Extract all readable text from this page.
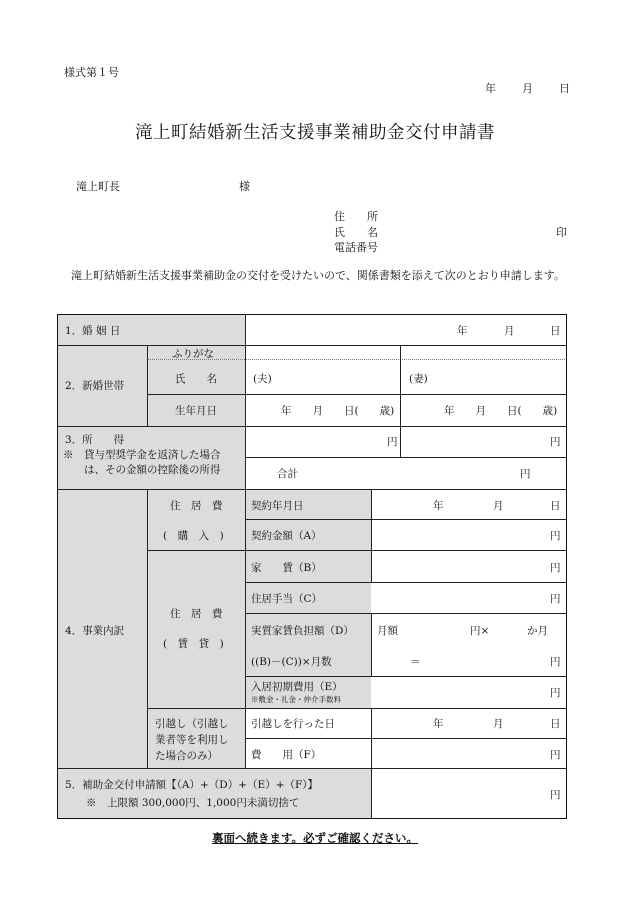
様式第１号
年 月 日
滝上町結婚新生活支援事業補助金交付申請書
滝上町長	様
住　　所
氏　　名	印
電話番号
　滝上町結婚新生活支援事業補助金の交付を受けたいので、関係書類を添えて次のとおり申請します。
1．婚 姻 日	年	月	日
2．新婚世帯
ふりがな
氏　　名	(夫)	(妻)
生年月日	年　　月　　日(　　歳)	年　　月　　日(　　歳)
3．所　　得
※　貸与型奨学金を返済した場合
　　は、その金額の控除後の所得
円	円
合計	円
4．事業内訳
住　居　費
(　購　入　)
契約年月日	年	月	日
契約金額（A）	円
住　居　費
(　賃　貸　)
家　　賃（B）	円
住居手当（C）	円
実質家賃負担額（D） 月額	円×	か月
((B)－(C))×月数	＝	円
入居初期費用（E）
※敷金・礼金・仲介手数料
円
引越し（引越し
業者等を利用し
た場合のみ）
引越しを行った日	年	月	日
費　　用（F）	円
5．補助金交付申請額【（A）+（D）+（E）+（F）】
　　※　上限額 300,000円、1,000円未満切捨て
円
裏面へ続きます。必ずご確認ください。
